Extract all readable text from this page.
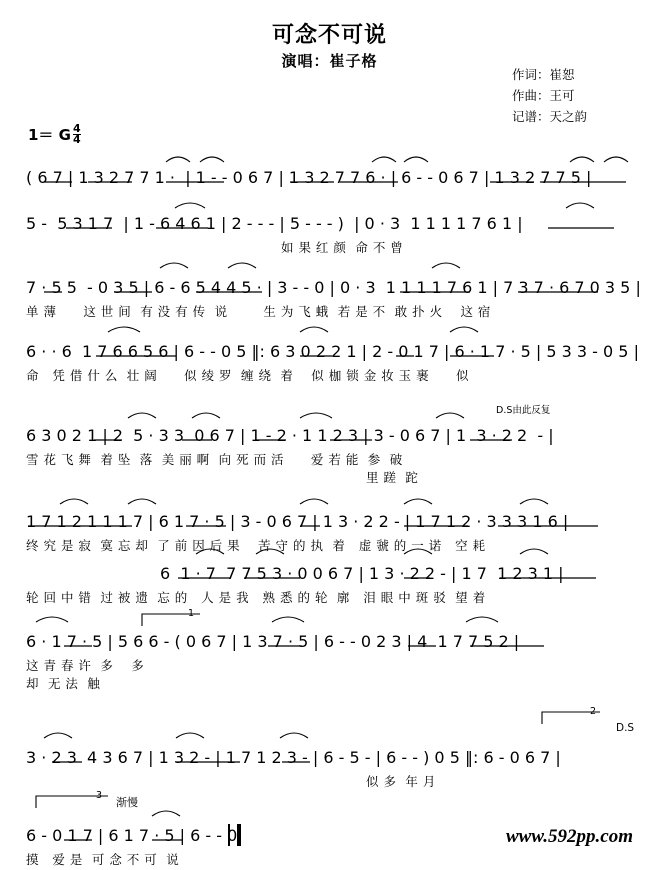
可念不可说
演唱：崔子格
作词：崔恕
作曲：王可
记谱：天之韵
1＝ G $\frac{4}{4}$
( 6 7 | 1 3 2 7 7 1 ·  | 1 - - 0 6 7 | 1 3 2 7 7 6 · | 6 - - 0 6 7 | 1 3 2 7 7 5 |
5 -  5 3 1 7  | 1 - 6 4 6 1 | 2 - - - | 5 - - - )  | 0 · 3  1 1 1 1 7 6 1 |
如 果 红 颜  命 不 曾
7 · 5 5  - 0 3 5 | 6 - 6 5 4 4 5 · | 3 - - 0 | 0 · 3  1 1 1 1 7 6 1 | 7 3 7 · 6 7 0 3 5 |
单 薄      这 世 间  有 没 有 传  说        生 为 飞 蛾  若 是 不  敢 扑 火    这 宿
6 · · 6  1 7 6 6 5 6 | 6 - - 0 5 ‖: 6 3 0 2 2 1 | 2 - 0 1 7 | 6 · 1 7 · 5 | 5 3 3 - 0 5 |
命   凭 借 什 么  壮 阔      似 绫 罗  缠 绕  着    似 枷 锁 金 妆 玉 裹      似
D.S由此反复
6 3 0 2 1 | 2  5 · 3 3  0 6 7 | 1 - 2 · 1 1 2 3 | 3 - 0 6 7 | 1  3 · 2 2  - |
雪 花 飞 舞  着 坠  落  美 丽 啊  向 死 而 活      爱 若 能  参  破
里 蹉  跎
1 7 1 2 1 1 1 7 | 6 1 7 · 5 | 3 - 0 6 7 | 1 3 · 2 2 - | 1 7 1 2 · 3 3 3 1 6 |
终 究 是 寂  寞 忘 却  了 前 因 后 果    苦 守 的 执  着   虚 虢 的 一 诺   空 耗
6  1 · 7  7 7 5 3 · 0 0 6 7 | 1 3 · 2 2 - | 1 7  1 2 3 1 |
轮 回 中 错  过 被 遗  忘 的   人 是 我   熟 悉 的 轮  廓   泪 眼 中 斑 驳  望 着
6 · 1 7 · 5 | 5 6 6 - ( 0 6 7 | 1 3 7 · 5 | 6 - - 0 2 3 | 4  1 7 7 5 2 |
这 青 春 许  多    多
却  无 法  触
1
3 · 2 3  4 3 6 7 | 1 3 2 - | 1 7 1 2 3 - | 6 - 5 - | 6 - - ) 0 5 ‖: 6 - 0 6 7 |
似 多  年 月
2
D.S
6 - 0 1 7 | 6 1 7 · 5 | 6 - - 0
摸   爱 是  可 念 不 可  说
3
渐慢
www.592pp.com
